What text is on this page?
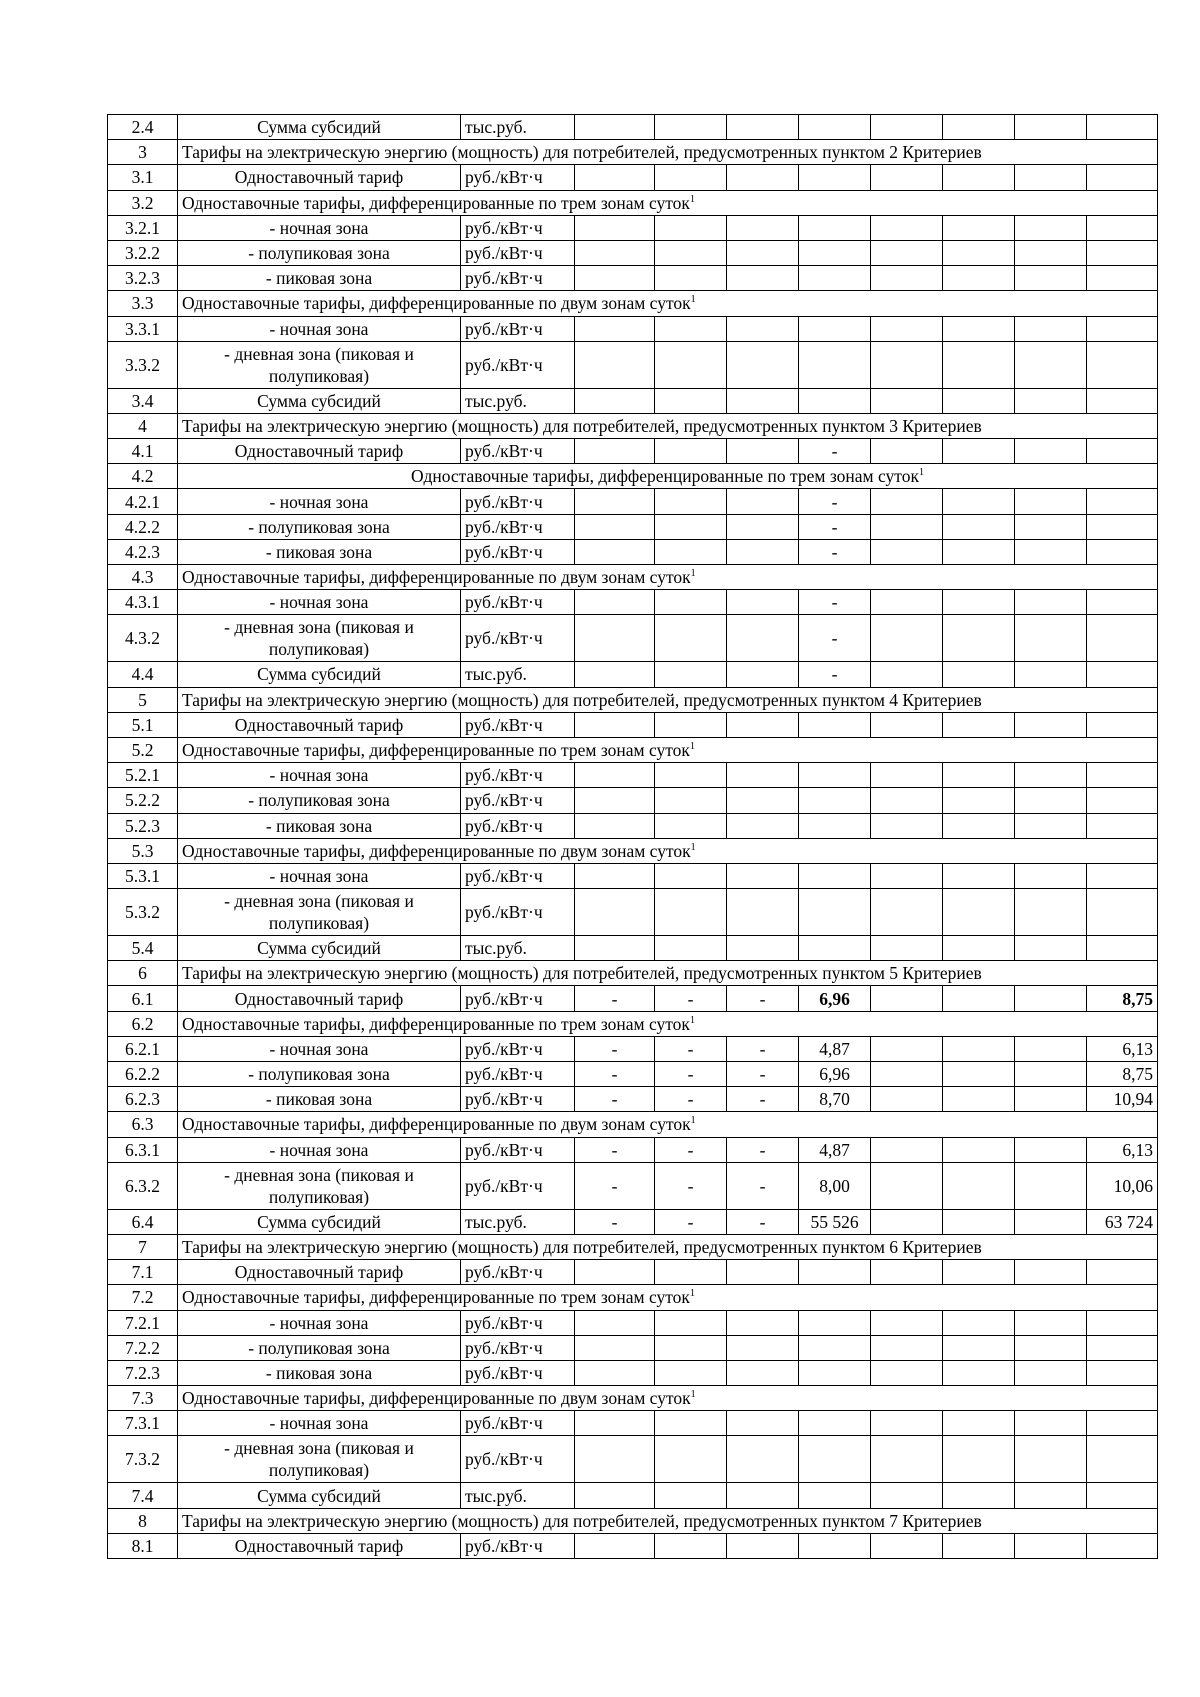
2.4	Сумма субсидий	тыс.руб.								
3	Тарифы на электрическую энергию (мощность) для потребителей, предусмотренных пунктом 2 Критериев									
3.1	Одноставочный тариф	руб./кВт·ч								
3.2	Одноставочные тарифы, дифференцированные по трем зонам суток$^1$
3.2.1	- ночная зона	руб./кВт·ч								
3.2.2	- полупиковая зона	руб./кВт·ч								
3.2.3	- пиковая зона	руб./кВт·ч								
3.3	Одноставочные тарифы, дифференцированные по двум зонам суток$^1$
3.3.1	- ночная зона	руб./кВт·ч								
3.3.2	- дневная зона (пиковая и полупиковая)	руб./кВт·ч								
3.4	Сумма субсидий	тыс.руб.								
4	Тарифы на электрическую энергию (мощность) для потребителей, предусмотренных пунктом 3 Критериев									
4.1	Одноставочный тариф	руб./кВт·ч				-				
4.2	Одноставочные тарифы, дифференцированные по трем зонам суток$^1$
4.2.1	- ночная зона	руб./кВт·ч				-				
4.2.2	- полупиковая зона	руб./кВт·ч				-				
4.2.3	- пиковая зона	руб./кВт·ч				-				
4.3	Одноставочные тарифы, дифференцированные по двум зонам суток$^1$
4.3.1	- ночная зона	руб./кВт·ч				-				
4.3.2	- дневная зона (пиковая и полупиковая)	руб./кВт·ч				-				
4.4	Сумма субсидий	тыс.руб.				-				
5	Тарифы на электрическую энергию (мощность) для потребителей, предусмотренных пунктом 4 Критериев									
5.1	Одноставочный тариф	руб./кВт·ч								
5.2	Одноставочные тарифы, дифференцированные по трем зонам суток$^1$
5.2.1	- ночная зона	руб./кВт·ч								
5.2.2	- полупиковая зона	руб./кВт·ч								
5.2.3	- пиковая зона	руб./кВт·ч								
5.3	Одноставочные тарифы, дифференцированные по двум зонам суток$^1$
5.3.1	- ночная зона	руб./кВт·ч								
5.3.2	- дневная зона (пиковая и полупиковая)	руб./кВт·ч								
5.4	Сумма субсидий	тыс.руб.								
6	Тарифы на электрическую энергию (мощность) для потребителей, предусмотренных пунктом 5 Критериев									
6.1	Одноставочный тариф	руб./кВт·ч	-	-	-	6,96				8,75
6.2	Одноставочные тарифы, дифференцированные по трем зонам суток$^1$
6.2.1	- ночная зона	руб./кВт·ч	-	-	-	4,87				6,13
6.2.2	- полупиковая зона	руб./кВт·ч	-	-	-	6,96				8,75
6.2.3	- пиковая зона	руб./кВт·ч	-	-	-	8,70				10,94
6.3	Одноставочные тарифы, дифференцированные по двум зонам суток$^1$
6.3.1	- ночная зона	руб./кВт·ч	-	-	-	4,87				6,13
6.3.2	- дневная зона (пиковая и полупиковая)	руб./кВт·ч	-	-	-	8,00				10,06
6.4	Сумма субсидий	тыс.руб.	-	-	-	55 526				63 724
7	Тарифы на электрическую энергию (мощность) для потребителей, предусмотренных пунктом 6 Критериев									
7.1	Одноставочный тариф	руб./кВт·ч								
7.2	Одноставочные тарифы, дифференцированные по трем зонам суток$^1$
7.2.1	- ночная зона	руб./кВт·ч								
7.2.2	- полупиковая зона	руб./кВт·ч								
7.2.3	- пиковая зона	руб./кВт·ч								
7.3	Одноставочные тарифы, дифференцированные по двум зонам суток$^1$
7.3.1	- ночная зона	руб./кВт·ч								
7.3.2	- дневная зона (пиковая и полупиковая)	руб./кВт·ч								
7.4	Сумма субсидий	тыс.руб.								
8	Тарифы на электрическую энергию (мощность) для потребителей, предусмотренных пунктом 7 Критериев									
8.1	Одноставочный тариф	руб./кВт·ч								
